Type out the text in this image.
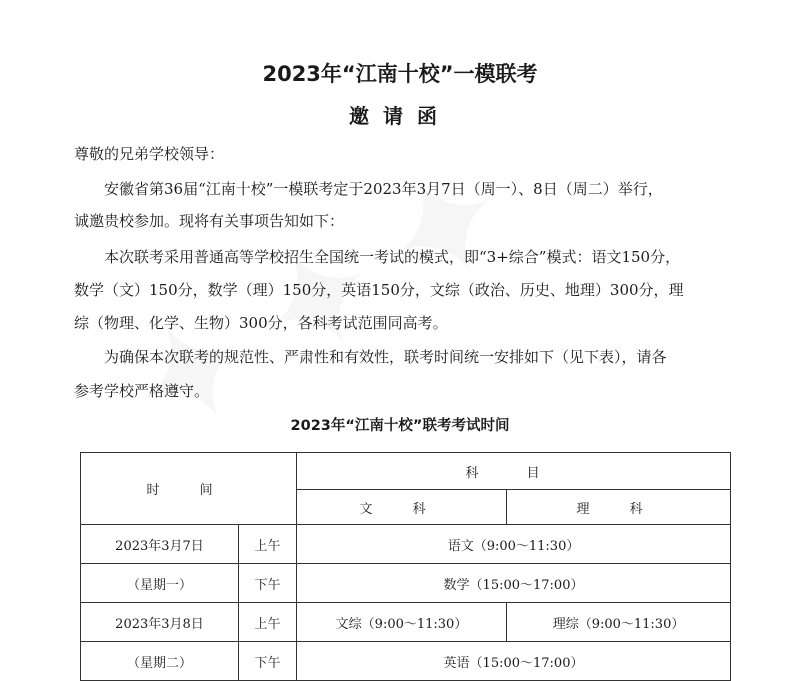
2023年“江南十校”一模联考
邀请函
尊敬的兄弟学校领导：
安徽省第36届“江南十校”一模联考定于2023年3月7日（周一）、8日（周二）举行，
诚邀贵校参加。现将有关事项告知如下：
本次联考采用普通高等学校招生全国统一考试的模式，即“3+综合”模式：语文150分，
数学（文）150分，数学（理）150分，英语150分，文综（政治、历史、地理）300分，理
综（物理、化学、生物）300分，各科考试范围同高考。
为确保本次联考的规范性、严肃性和有效性，联考时间统一安排如下（见下表），请各
参考学校严格遵守。
2023年“江南十校”联考考试时间
时 间		科 目	
		文 科	理 科
2023年3月7日	上午	语文（9:00～11:30）	
（星期一）	下午	数学（15:00～17:00）	
2023年3月8日	上午	文综（9:00～11:30）	理综（9:00～11:30）
（星期二）	下午	英语（15:00～17:00）	
